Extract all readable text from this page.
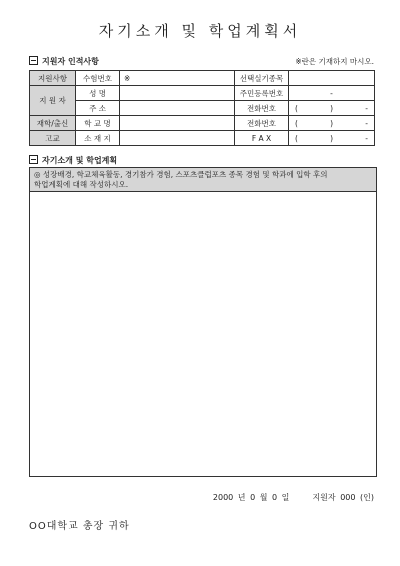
자기소개 및 학업계획서
지원자 인적사항	※란은 기재하지 마시오.
지원사항	수험번호	※	선택실기종목	
지 원 자	성 명		주민등록번호	-
	주 소		전화번호	( ) -

재학/출신	학 교 명		전화번호	( ) -

고교	소 재 지		F A X	( ) -
자기소개 및 학업계획
◎ 성장배경, 학교체육활동, 경기참가 경험, 스포츠클럽포츠 종목 경험 및 학과에 입학 후의
학업계획에 대해 작성하시오.
2000 년 0 월 0 일	지원자 000 (인)
OO대학교 총장 귀하
